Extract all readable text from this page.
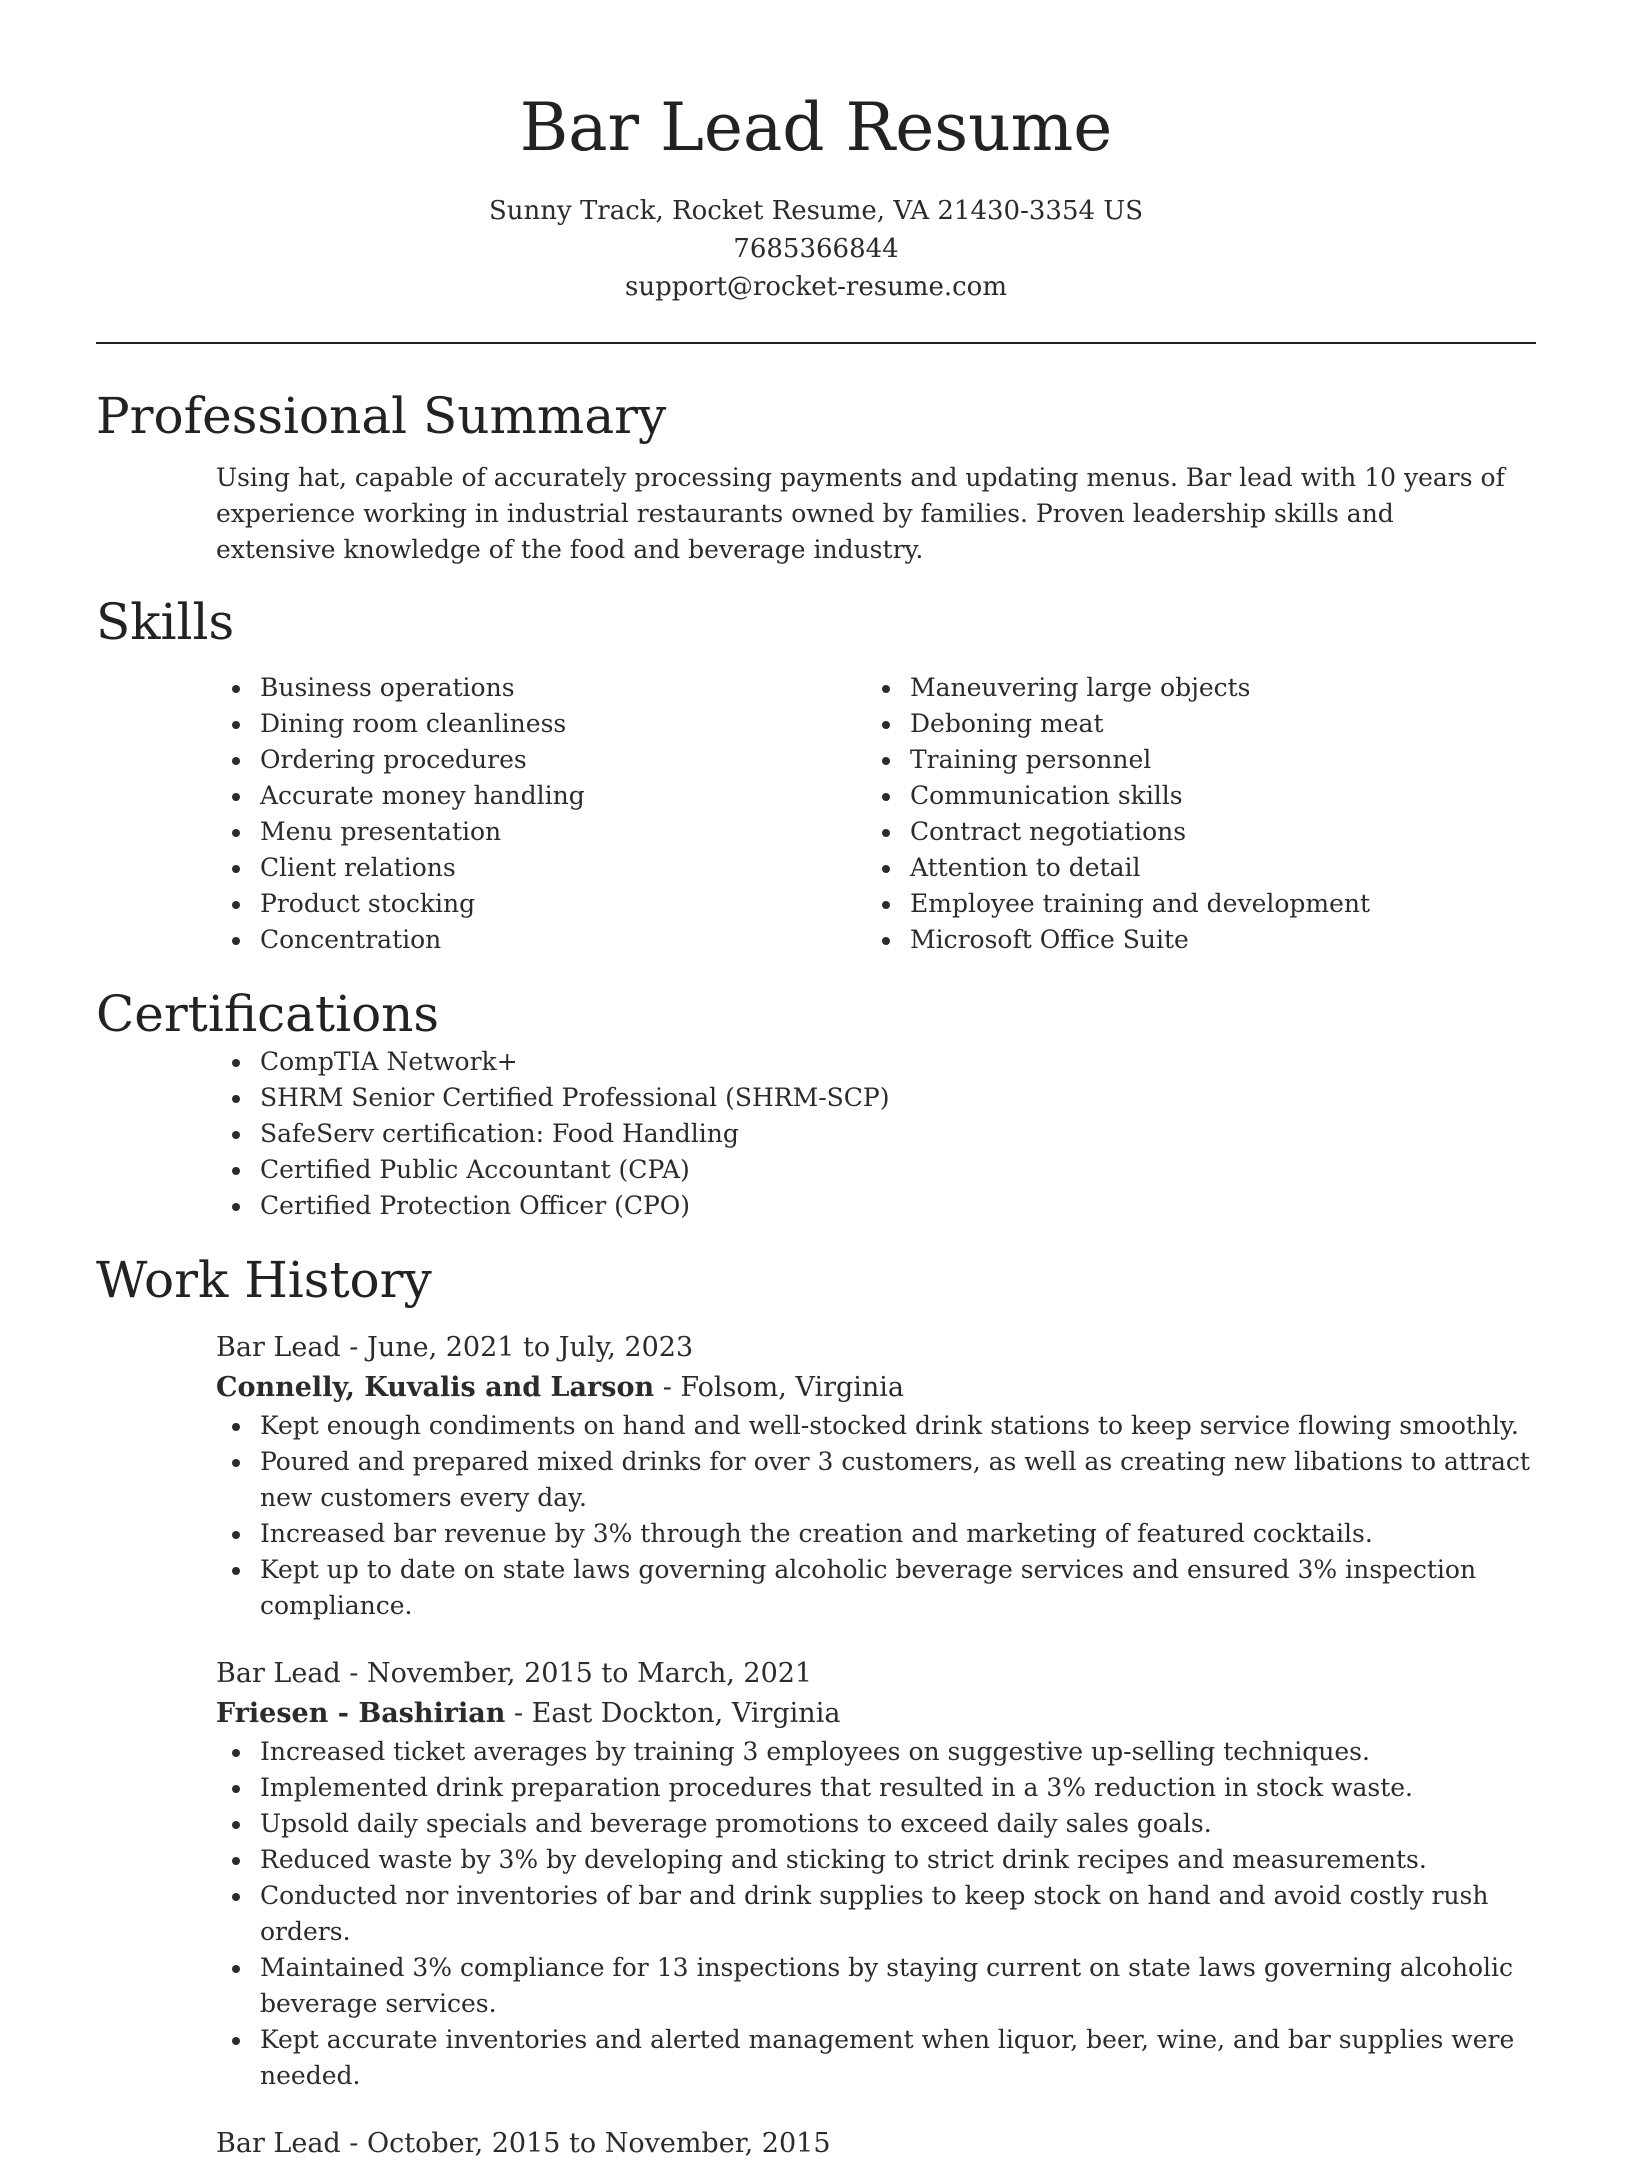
Bar Lead Resume
Sunny Track, Rocket Resume, VA 21430-3354 US
7685366844
support@rocket-resume.com
Professional Summary

Using hat, capable of accurately processing payments and updating menus. Bar lead with 10 years of experience working in industrial restaurants owned by families. Proven leadership skills and extensive knowledge of the food and beverage industry.

Skills
Business operations
Dining room cleanliness
Ordering procedures
Accurate money handling
Menu presentation
Client relations
Product stocking
Concentration
Maneuvering large objects
Deboning meat
Training personnel
Communication skills
Contract negotiations
Attention to detail
Employee training and development
Microsoft Office Suite
Certifications
CompTIA Network+
SHRM Senior Certified Professional (SHRM-SCP)
SafeServ certification: Food Handling
Certified Public Accountant (CPA)
Certified Protection Officer (CPO)
Work History
Bar Lead - June, 2021 to July, 2023
Connelly, Kuvalis and Larson - Folsom, Virginia
Kept enough condiments on hand and well-stocked drink stations to keep service flowing smoothly.
Poured and prepared mixed drinks for over 3 customers, as well as creating new libations to attract new customers every day.
Increased bar revenue by 3% through the creation and marketing of featured cocktails.
Kept up to date on state laws governing alcoholic beverage services and ensured 3% inspection compliance.
Bar Lead - November, 2015 to March, 2021
Friesen - Bashirian - East Dockton, Virginia
Increased ticket averages by training 3 employees on suggestive up-selling techniques.
Implemented drink preparation procedures that resulted in a 3% reduction in stock waste.
Upsold daily specials and beverage promotions to exceed daily sales goals.
Reduced waste by 3% by developing and sticking to strict drink recipes and measurements.
Conducted nor inventories of bar and drink supplies to keep stock on hand and avoid costly rush orders.
Maintained 3% compliance for 13 inspections by staying current on state laws governing alcoholic beverage services.
Kept accurate inventories and alerted management when liquor, beer, wine, and bar supplies were needed.
Bar Lead - October, 2015 to November, 2015
